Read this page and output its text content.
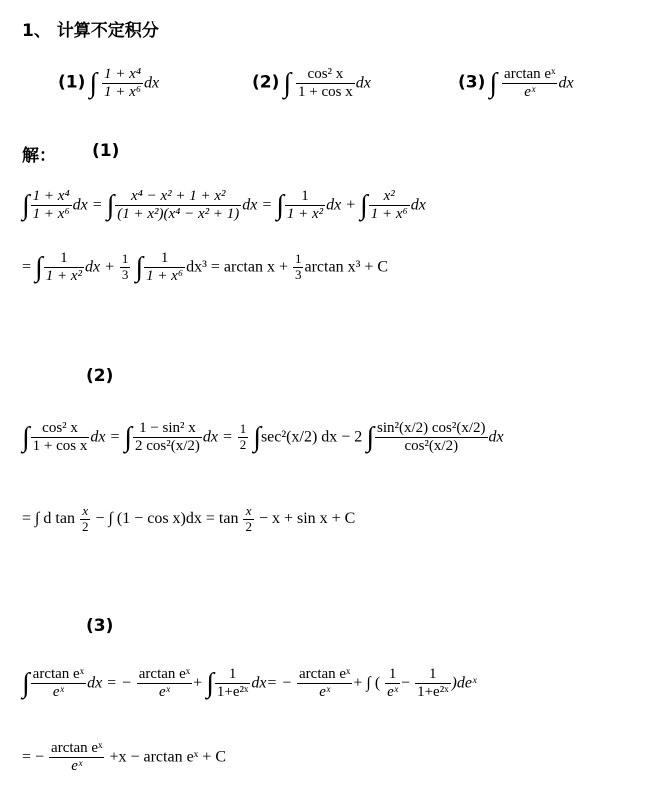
1、 计算不定积分
(1) ∫ $\frac{\text{1 + x⁴}}{\text{1 + x⁶}}$ dx	(2) ∫ $\frac{\text{cos² x}}{\text{1 + cos x}}$ dx	(3) ∫ $\frac{\text{arctan eˣ}}{\text{eˣ}}$ dx
解： (1)
∫ $\frac{\text{1 + x⁴}}{\text{1 + x⁶}}$ dx = ∫ $\frac{\text{x⁴ − x² + 1 + x²}}{\text{(1 + x²)(x⁴ − x² + 1)}}$ dx = ∫ $\frac{1}{\text{1 + x²}}$ dx + ∫ $\frac{\text{x²}}{\text{1 + x⁶}}$ dx
= ∫ $\frac{1}{\text{1 + x²}}$ dx + $\frac{1}{3}$ ∫ $\frac{1}{\text{1 + x⁶}} dx^3 = \arctan x + \frac{1}{3}$ arctan x³ + C
(2)
∫ $\frac{\text{cos² x}}{\text{1 + cos x}}$ dx = ∫ $\frac{\text{1 − sin² x}}{\text{2 cos²(x/2)}}$ dx = $\frac{1}{2} \int\sec^2(x/2)$ dx − 2 ∫ $\frac{\text{sin²(x/2) cos²(x/2)}}{\text{cos²(x/2)}}$ dx
= ∫ d $\tan \frac{x}{2}$ − ∫ $(1 - \cos x)dx = \tan \frac{x}{2} - x + \sin x + C$
(3)
∫ $\frac{\text{arctan eˣ}}{\text{eˣ}}$ dx = − $\frac{\text{arctan eˣ}}{\text{eˣ}}$ + ∫ $\frac{1}{\text{1+e²ˣ}} dx= - \frac{\text{arctan eˣ}}{\text{eˣ}}$ + ∫ ( $\frac{1}{\text{eˣ}} - \frac{1}{\text{1+e²ˣ}}$ )deˣ
= − $\frac{\text{arctan eˣ}}{\text{eˣ}} +x - \arctan$ eˣ + C
